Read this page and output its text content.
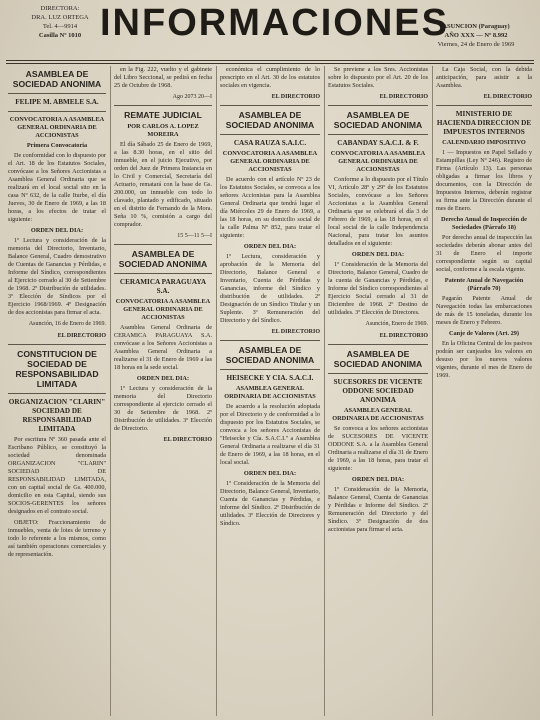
DIRECTORA:
DRA. LUZ ORTEGA
Tel. 4—9914
Casilla Nº 1010 INFORMACIONES
ASUNCION (Paraguay)
AÑO XXX — Nº 8.992
Viernes, 24 de Enero de 1969
ASAMBLEA DE SOCIEDAD ANONIMA
FELIPE M. ABMELE S.A.
CONVOCATORIA A ASAMBLEA GENERAL ORDINARIA DE ACCIONISTAS
Primera Convocatoria

De conformidad con lo dispuesto por el Art. 18 de los Estatutos Sociales, convócase a los Señores Accionistas a Asamblea General Ordinaria que se realizará en el local social sito en la casa Nº 632, de la calle Iturbe, el día Jueves, 30 de Enero de 1969, a las 18 horas, a los efectos de tratar el siguiente:

ORDEN DEL DIA:

1º Lectura y consideración de la memoria del Directorio, Inventario, Balance General, Cuadro demostrativo de Cuentas de Ganancias y Pérdidas, e Informe del Síndico, correspondientes al Ejercicio cerrado al 30 de Setiembre de 1968. 2º Distribución de utilidades. 3º Elección de Síndicos por el Ejercicio 1968/1969. 4º Designación de dos accionistas para firmar el acta.

Asunción, 16 de Enero de 1969.
EL DIRECTORIO
CONSTITUCION DE SOCIEDAD DE RESPONSABILIDAD LIMITADA
ORGANIZACION "CLARIN" SOCIEDAD DE RESPONSABILIDAD LIMITADA

Por escritura Nº 360 pasada ante el Escribano Público, se constituyó la sociedad denominada ORGANIZACION "CLARIN" SOCIEDAD DE RESPONSABILIDAD LIMITADA, con un capital social de Gs. 400.000, domicilio en esta Capital, siendo sus SOCIOS-GERENTES los señores designados en el contrato social.

OBJETO: Fraccionamiento de inmuebles, venta de lotes de terreno y todo lo referente a los mismos, como así también operaciones comerciales y de representación.

en la Fig. 222, vuelto y el gabinete del Libro Seccional, se pedirá en fecha 25 de Octubre de 1968.

Ago 2073 20—I
REMATE JUDICIAL
POR CARLOS A. LOPEZ MOREIRA

El día Sábado 25 de Enero de 1969, a las 8.30 horas, en el sitio del inmueble, en el juicio Ejecutivo, por orden del Juez de Primera Instancia en lo Civil y Comercial, Secretaría del Actuario, rematará con la base de Gs. 200.000, un inmueble con todo lo clavado, plantado y edificado, situado en el distrito de Fernando de la Mora. Seña 10 %, comisión a cargo del comprador.

15 5—11 5—I
ASAMBLEA DE SOCIEDAD ANONIMA
CERAMICA PARAGUAYA S.A.
CONVOCATORIA A ASAMBLEA GENERAL ORDINARIA DE ACCIONISTAS

Asamblea General Ordinaria de CERAMICA PARAGUAYA S.A. convócase a los Señores Accionistas a Asamblea General Ordinaria a realizarse el 31 de Enero de 1969 a las 18 horas en la sede social.

ORDEN DEL DIA:

1º Lectura y consideración de la memoria del Directorio correspondiente al ejercicio cerrado el 30 de Setiembre de 1968. 2º Distribución de utilidades. 3º Elección de Directorio.

EL DIRECTORIO

económica el cumplimiento de lo prescripto en el Art. 30 de los estatutos sociales en vigencia.

EL DIRECTORIO
ASAMBLEA DE SOCIEDAD ANONIMA
CASA RAUZA S.A.I.C.
CONVOCATORIA A ASAMBLEA GENERAL ORDINARIA DE ACCIONISTAS

De acuerdo con el artículo Nº 23 de los Estatutos Sociales, se convoca a los señores Accionistas para la Asamblea General Ordinaria que tendrá lugar el día Miércoles 29 de Enero de 1969, a las 18 horas, en su domicilio social de la calle Palma Nº 852, para tratar el siguiente:

ORDEN DEL DIA:

1º Lectura, consideración y aprobación de la Memoria del Directorio, Balance General e Inventario, Cuenta de Pérdidas y Ganancias, informe del Síndico y distribución de utilidades. 2º Designación de un Síndico Titular y un Suplente. 3º Remuneración del Directorio y del Síndico.

EL DIRECTORIO
ASAMBLEA DE SOCIEDAD ANONIMA
HEISECKE Y CIA. S.A.C.I.
ASAMBLEA GENERAL ORDINARIA DE ACCIONISTAS

De acuerdo a la resolución adoptada por el Directorio y de conformidad a lo dispuesto por los Estatutos Sociales, se convoca a los señores Accionistas de "Heisecke y Cía. S.A.C.I." a Asamblea General Ordinaria a realizarse el día 31 de Enero de 1969, a las 18 horas, en el local social.

ORDEN DEL DIA:

1º Consideración de la Memoria del Directorio, Balance General, Inventario, Cuenta de Ganancias y Pérdidas, e informe del Síndico. 2º Distribución de utilidades. 3º Elección de Directores y Síndico.

Se previene a los Sres. Accionistas sobre lo dispuesto por el Art. 20 de los Estatutos Sociales.

EL DIRECTORIO
ASAMBLEA DE SOCIEDAD ANONIMA
CABANDAY S.A.C.I. & F.
CONVOCATORIA A ASAMBLEA GENERAL ORDINARIA DE ACCIONISTAS

Conforme a lo dispuesto por el Título VI, Artículo 28º y 29º de los Estatutos Sociales, convócase a los Señores Accionistas a la Asamblea General Ordinaria que se celebrará el día 3 de Febrero de 1969, a las 18 horas, en el local social de la calle Independencia Nacional, para tratar los asuntos detallados en el siguiente:

ORDEN DEL DIA:

1º Consideración de la Memoria del Directorio, Balance General, Cuadro de la cuenta de Ganancias y Pérdidas, e Informe del Síndico correspondientes al Ejercicio Social cerrado al 31 de Diciembre de 1968. 2º Destino de utilidades. 3º Elección de Directores.

Asunción, Enero de 1969.
EL DIRECTORIO
ASAMBLEA DE SOCIEDAD ANONIMA
SUCESORES DE VICENTE ODDONE SOCIEDAD ANONIMA
ASAMBLEA GENERAL ORDINARIA DE ACCIONISTAS

Se convoca a los señores accionistas de SUCESORES DE VICENTE ODDONE S.A. a la Asamblea General Ordinaria a realizarse el día 31 de Enero de 1969, a las 18 horas, para tratar el siguiente:

ORDEN DEL DIA:

1º Consideración de la Memoria, Balance General, Cuenta de Ganancias y Pérdidas e Informe del Síndico. 2º Remuneración del Directorio y del Síndico. 3º Designación de dos accionistas para firmar el acta.

La Caja Social, con la debida anticipación, para asistir a la Asamblea.

EL DIRECTORIO
MINISTERIO DE HACIENDA DIRECCION DE IMPUESTOS INTERNOS
CALENDARIO IMPOSITIVO

1 — Impuestos en Papel Sellado y Estampillas (Ley Nº 246). Registro de Firma (Artículo 13). Las personas obligadas a firmar los libros y documentos, con la Dirección de Impuestos Internos, deberán registrar su firma ante la Dirección durante el mes de Enero.

Derecho Anual de Inspección de Sociedades (Párrafo 18)

Por derecho anual de inspección las sociedades deberán abonar antes del 31 de Enero el importe correspondiente según su capital social, conforme a la escala vigente.

Patente Anual de Navegación (Párrafo 70)

Pagarán Patente Anual de Navegación todas las embarcaciones de más de 15 toneladas, durante los meses de Enero y Febrero.

Canje de Valores (Art. 29)

En la Oficina Central de los pasivos podrán ser canjeados los valores en desuso por los nuevos valores vigentes, durante el mes de Enero de 1969.
